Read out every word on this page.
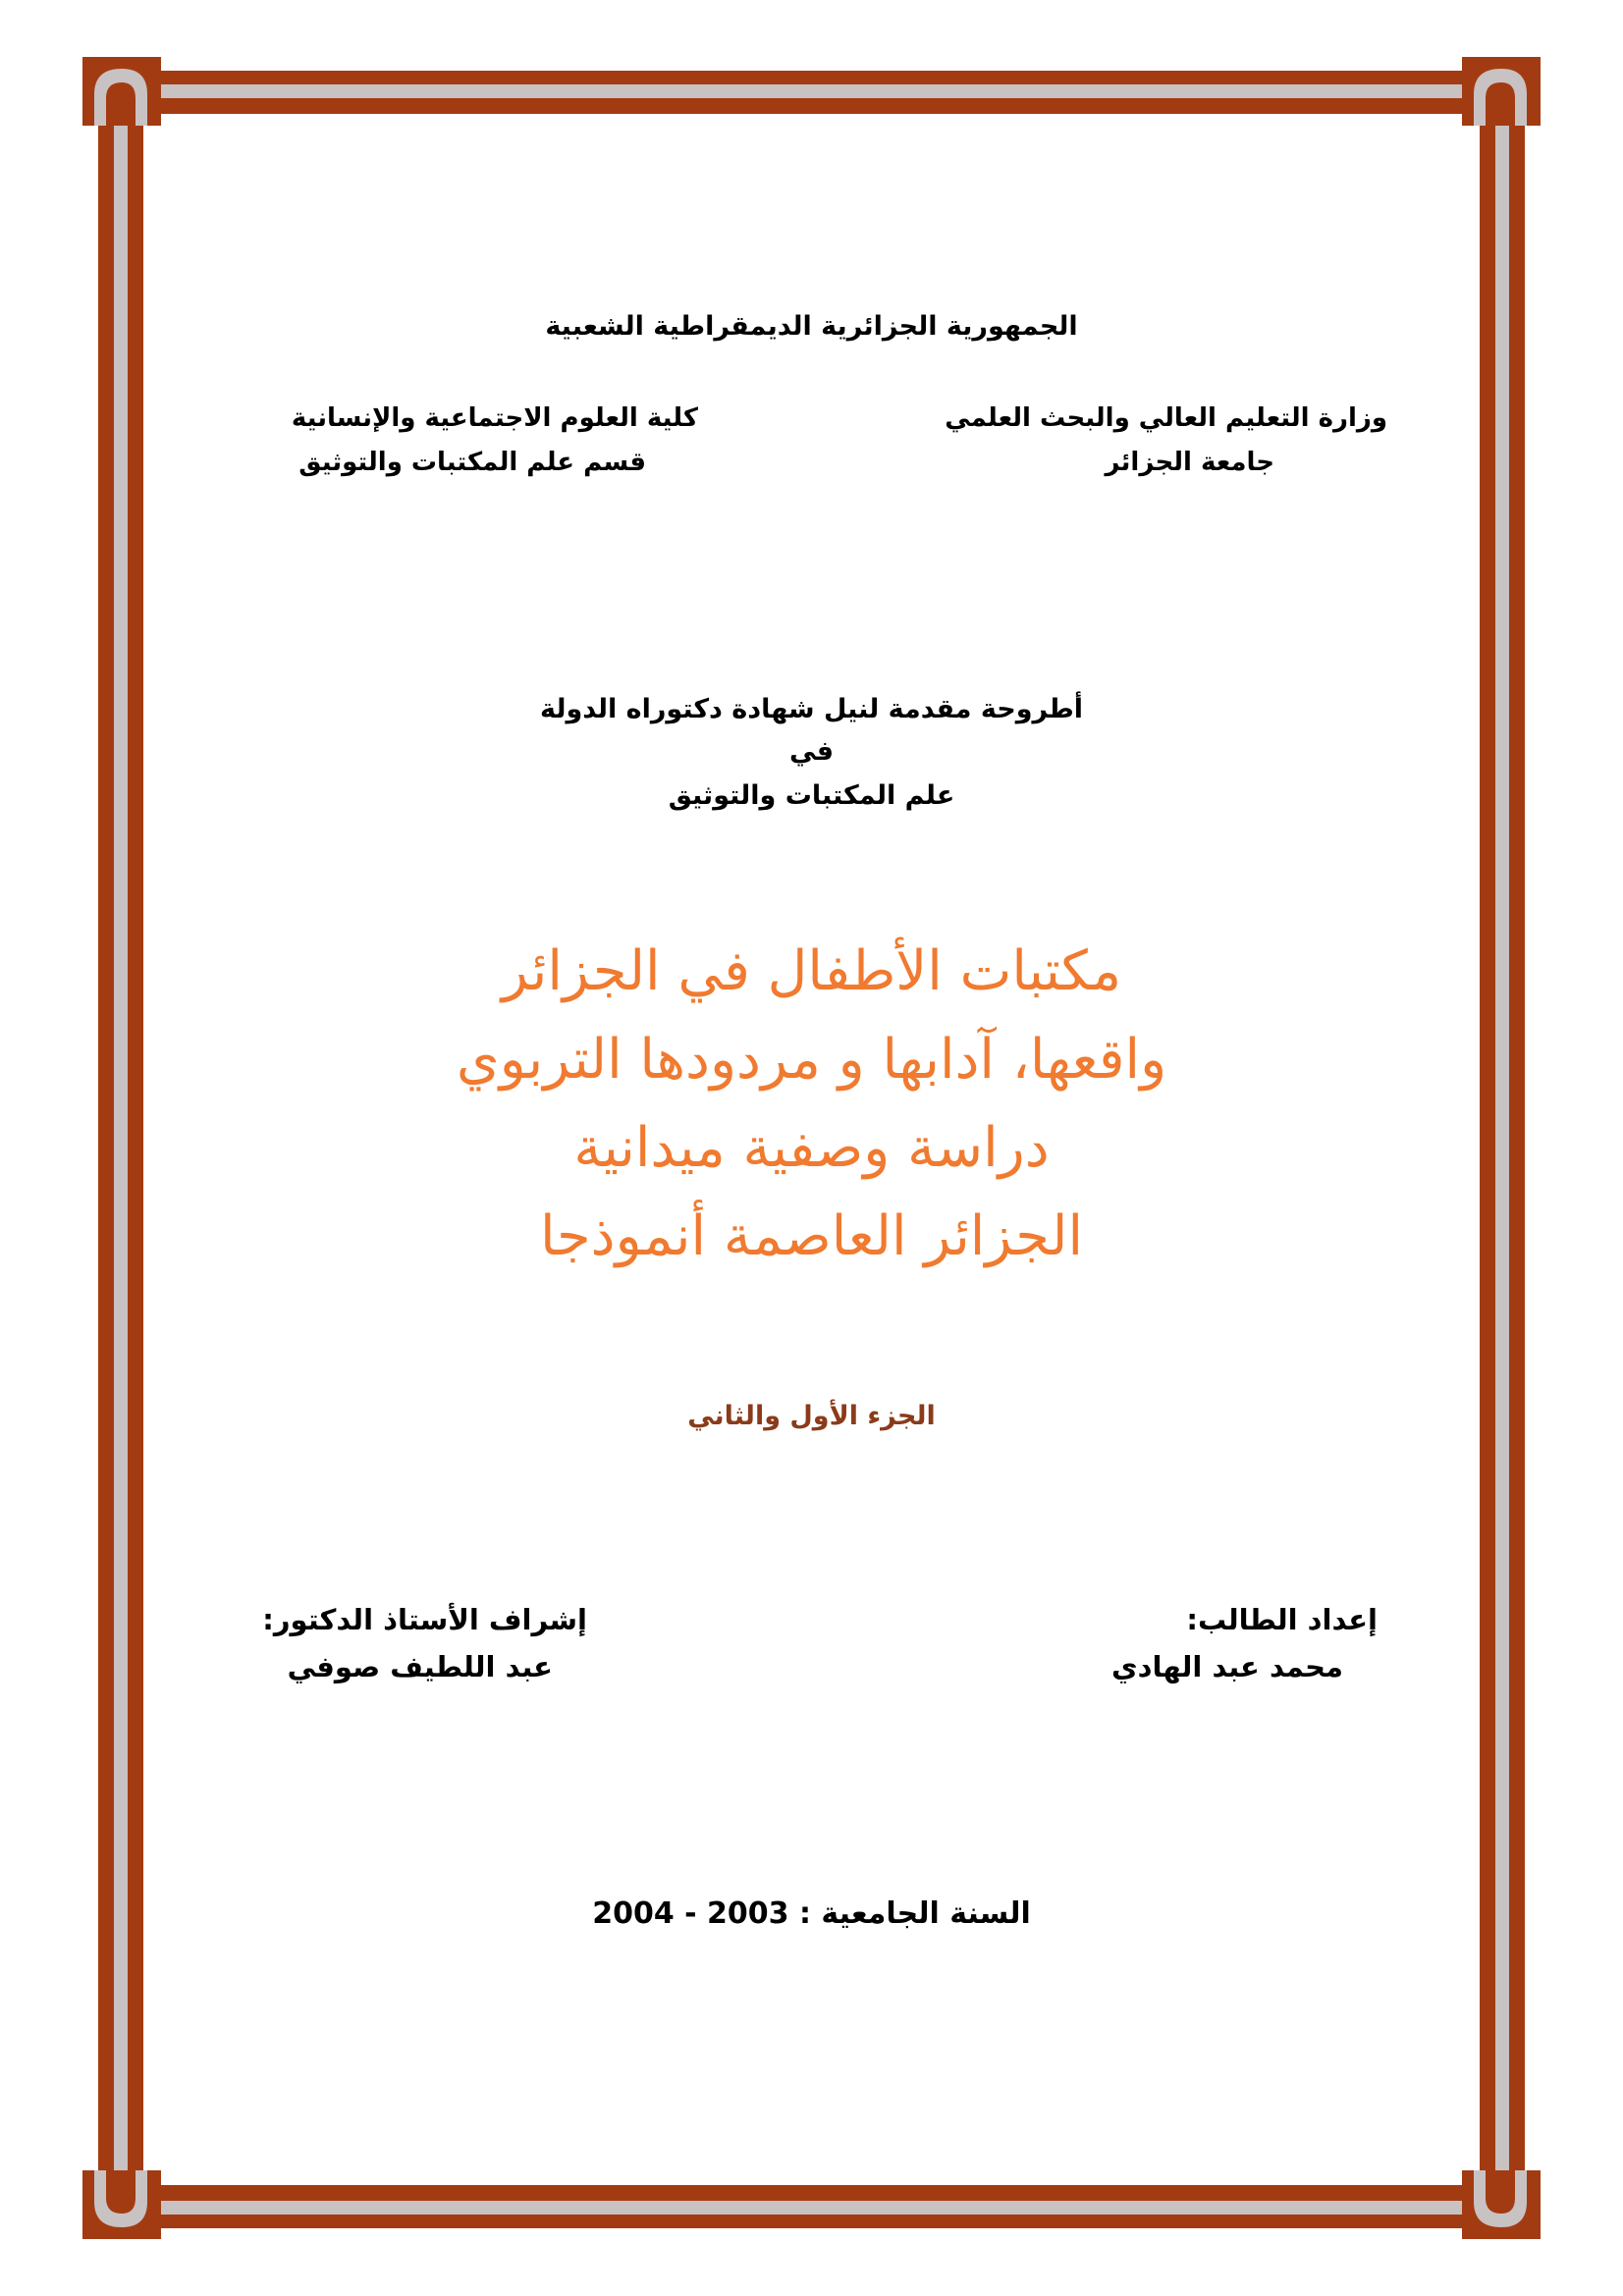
الجمهورية الجزائرية الديمقراطية الشعبية
وزارة التعليم العالي والبحث العلمي
جامعة الجزائر
كلية العلوم الاجتماعية والإنسانية
قسم علم المكتبات والتوثيق
أطروحة مقدمة لنيل شهادة دكتوراه الدولة
في
علم المكتبات والتوثيق
مكتبات الأطفال في الجزائر
واقعها، آدابها و مردودها التربوي
دراسة وصفية ميدانية
الجزائر العاصمة أنموذجا
الجزء الأول والثاني
إعداد الطالب:
محمد عبد الهادي
إشراف الأستاذ الدكتور:
عبد اللطيف صوفي
السنة الجامعية : 2003 - 2004
